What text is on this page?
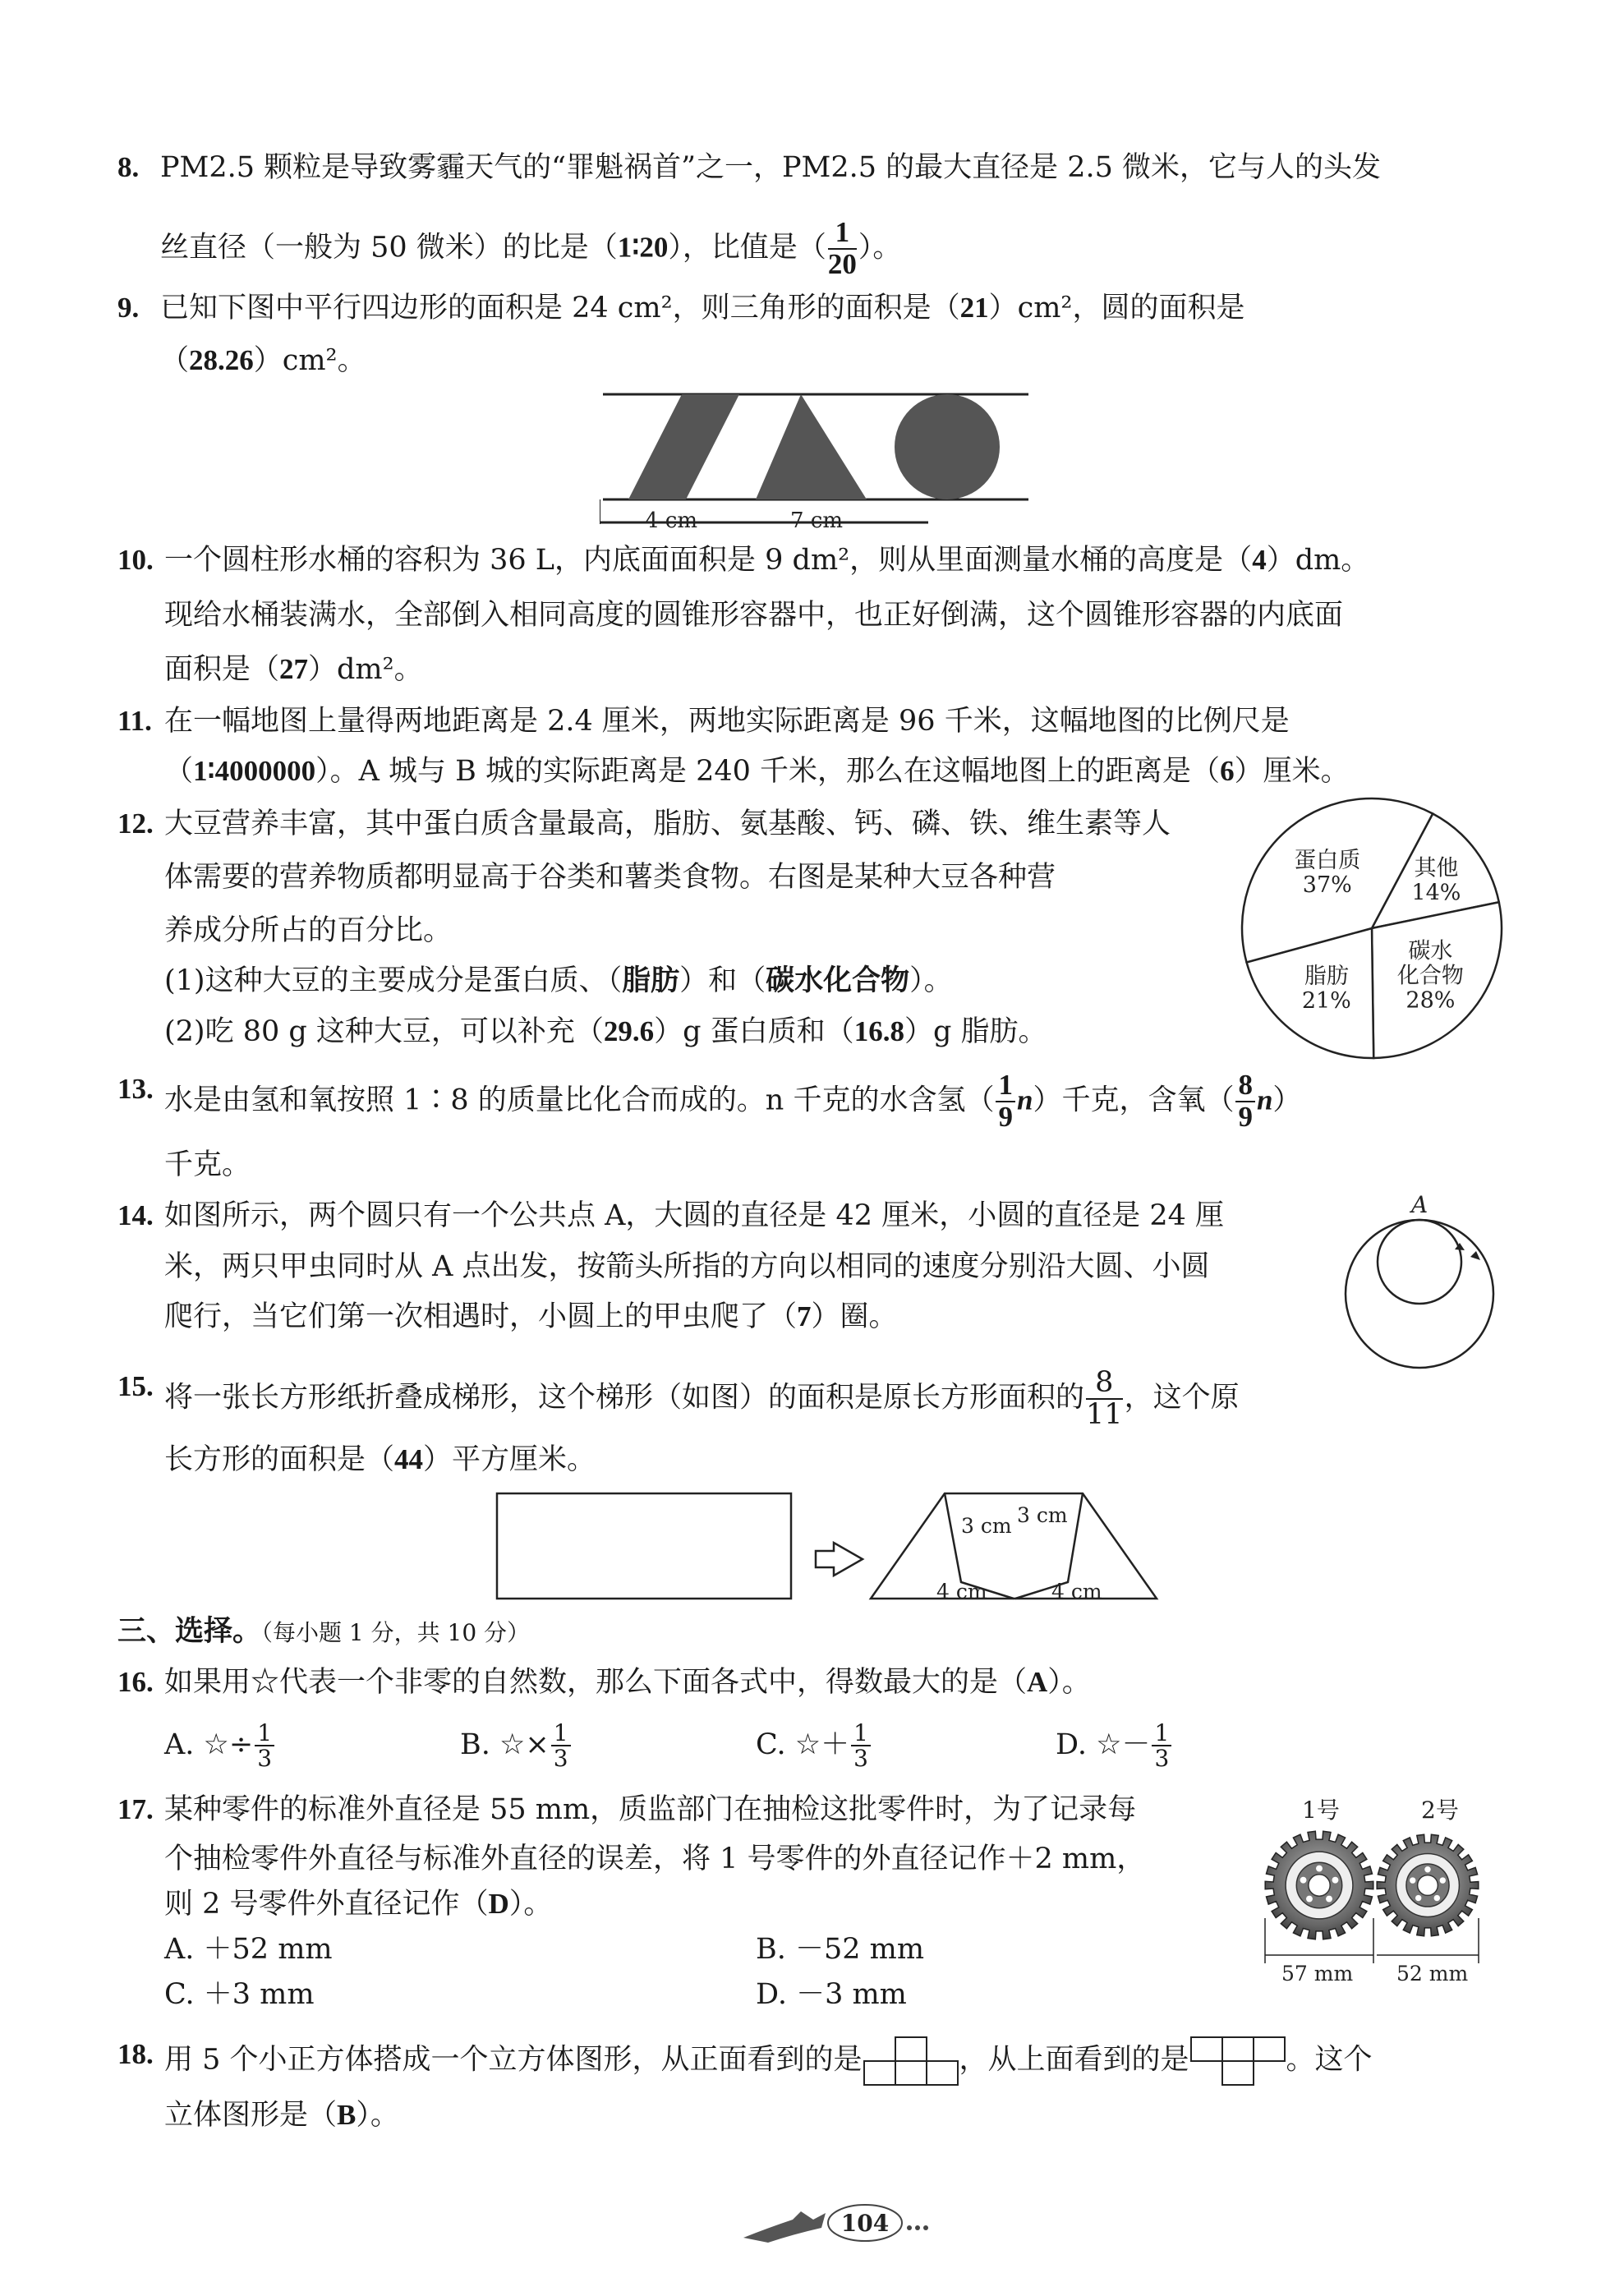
8. PM2.5 颗粒是导致雾霾天气的“罪魁祸首”之一，PM2.5 的最大直径是 2.5 微米，它与人的头发
丝直径（一般为 50 微米）的比是（1∶20），比值是（ $\frac{1}{20}$ ）。
9. 已知下图中平行四边形的面积是 24 cm²，则三角形的面积是（21）cm²，圆的面积是
（28.26）cm²。
4 cm	7 cm
10. 一个圆柱形水桶的容积为 36 L，内底面面积是 9 dm²，则从里面测量水桶的高度是（4）dm。
现给水桶装满水，全部倒入相同高度的圆锥形容器中，也正好倒满，这个圆锥形容器的内底面
面积是（27）dm²。
11. 在一幅地图上量得两地距离是 2.4 厘米，两地实际距离是 96 千米，这幅地图的比例尺是
（1∶4000000）。A 城与 B 城的实际距离是 240 千米，那么在这幅地图上的距离是（6）厘米。
12. 大豆营养丰富，其中蛋白质含量最高，脂肪、氨基酸、钙、磷、铁、维生素等人
体需要的营养物质都明显高于谷类和薯类食物。右图是某种大豆各种营
养成分所占的百分比。
(1)这种大豆的主要成分是蛋白质、（脂肪）和（碳水化合物）。
(2)吃 80 g 这种大豆，可以补充（29.6）g 蛋白质和（16.8）g 脂肪。
其他 14%
碳水化合物 28%
脂肪 21%
蛋白质 37%
13. 水是由氢和氧按照 1∶8 的质量比化合而成的。n 千克的水含氢（ $\frac{1}{9} n$）千克，含氧（ $\frac{8}{9} n$）
千克。
14. 如图所示，两个圆只有一个公共点 A，大圆的直径是 42 厘米，小圆的直径是 24 厘
米，两只甲虫同时从 A 点出发，按箭头所指的方向以相同的速度分别沿大圆、小圆
爬行，当它们第一次相遇时，小圆上的甲虫爬了（7）圈。
A
15. 将一张长方形纸折叠成梯形，这个梯形（如图）的面积是原长方形面积的 $\frac{8}{11}$ ，这个原
长方形的面积是（44）平方厘米。
3 cm 3 cm
4 cm	4 cm
三、选择。（每小题 1 分，共 10 分）
16. 如果用☆代表一个非零的自然数，那么下面各式中，得数最大的是（A）。
A. ☆÷ $\frac{1}{3}$	B. ☆× $\frac{1}{3}$	C. ☆＋ $\frac{1}{3}$	D. ☆－ $\frac{1}{3}$
17. 某种零件的标准外直径是 55 mm，质监部门在抽检这批零件时，为了记录每
个抽检零件外直径与标准外直径的误差，将 1 号零件的外直径记作＋2 mm，
则 2 号零件外直径记作（D）。
A. ＋52 mm	B. －52 mm
C. ＋3 mm	D. －3 mm
1号	2号
57 mm 52 mm
18. 用 5 个小正方体搭成一个立方体图形，从正面看到的是	，从上面看到的是	。这个
立体图形是（B）。
104
